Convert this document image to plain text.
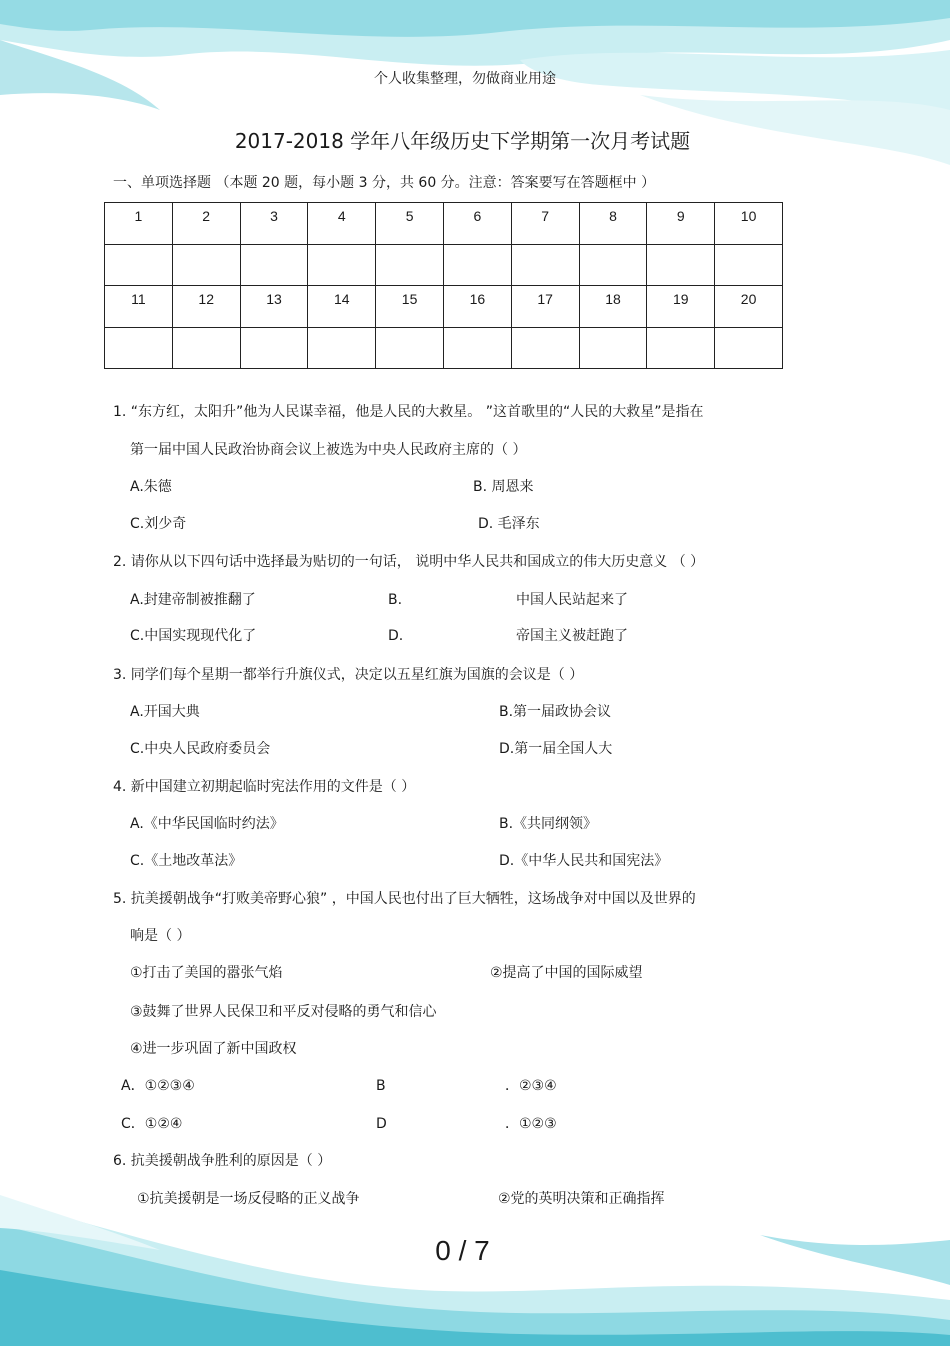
个人收集整理，勿做商业用途
2017-2018 学年八年级历史下学期第一次月考试题
一、单项选择题 （本题 20 题，每小题 3 分，共 60 分。注意：答案要写在答题框中 ）
1	2	3	4	5	6	7	8	9	10

11	12	13	14	15	16	17	18	19	20

1. “东方红，太阳升”他为人民谋幸福，他是人民的大救星。 ”这首歌里的“人民的大救星”是指在
第一届中国人民政治协商会议上被选为中央人民政府主席的（ ）
A.朱德	B. 周恩来
C.刘少奇	D. 毛泽东
2. 请你从以下四句话中选择最为贴切的一句话， 说明中华人民共和国成立的伟大历史意义 （ ）
A.封建帝制被推翻了	B.	中国人民站起来了
C.中国实现现代化了	D.	帝国主义被赶跑了
3. 同学们每个星期一都举行升旗仪式，决定以五星红旗为国旗的会议是（ ）
A.开国大典	B.第一届政协会议
C.中央人民政府委员会	D.第一届全国人大
4. 新中国建立初期起临时宪法作用的文件是（ ）
A.《中华民国临时约法》	B.《共同纲领》
C.《土地改革法》	D.《中华人民共和国宪法》
5. 抗美援朝战争“打败美帝野心狼” ，中国人民也付出了巨大牺牲，这场战争对中国以及世界的
响是（ ）
①打击了美国的嚣张气焰	②提高了中国的国际威望
③鼓舞了世界人民保卫和平反对侵略的勇气和信心
④进一步巩固了新中国政权
A．①②③④	B	．②③④
C．①②④	D	．①②③
6. 抗美援朝战争胜利的原因是（ ）
①抗美援朝是一场反侵略的正义战争	②党的英明决策和正确指挥
0 / 7
